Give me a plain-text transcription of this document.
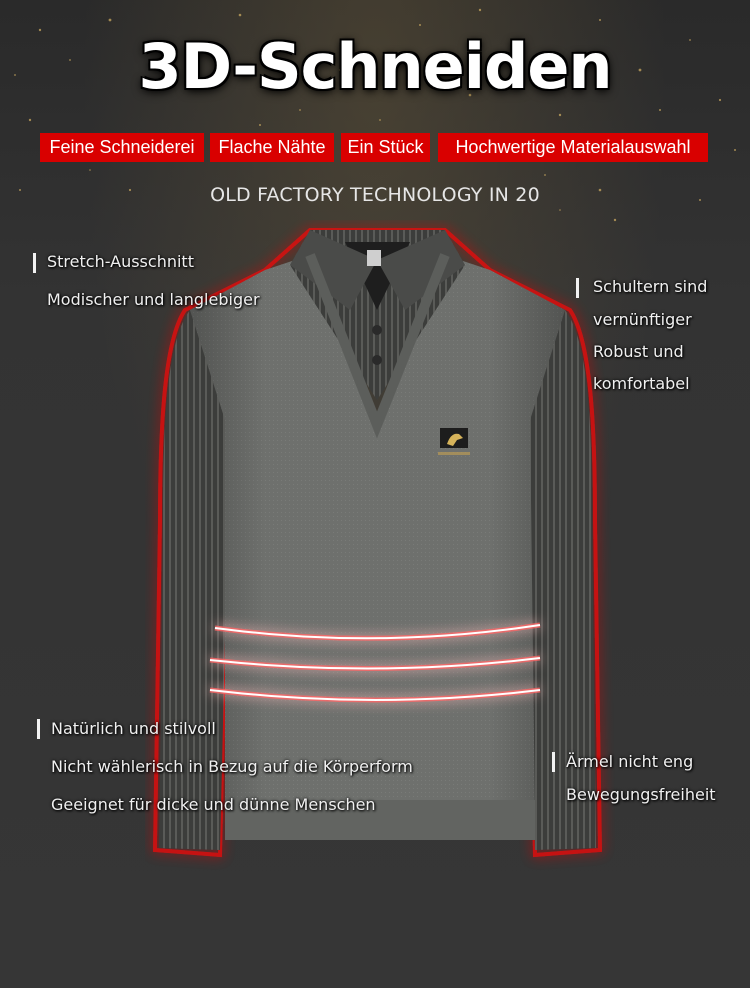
3D-Schneiden
Feine Schneiderei	Flache Nähte	Ein Stück	Hochwertige Materialauswahl
OLD FACTORY TECHNOLOGY IN 20
Stretch-Ausschnitt
Modischer und langlebiger
Schultern sind
vernünftiger
Robust und
komfortabel
Natürlich und stilvoll
Nicht wählerisch in Bezug auf die Körperform
Geeignet für dicke und dünne Menschen
Ärmel nicht eng
Bewegungsfreiheit
